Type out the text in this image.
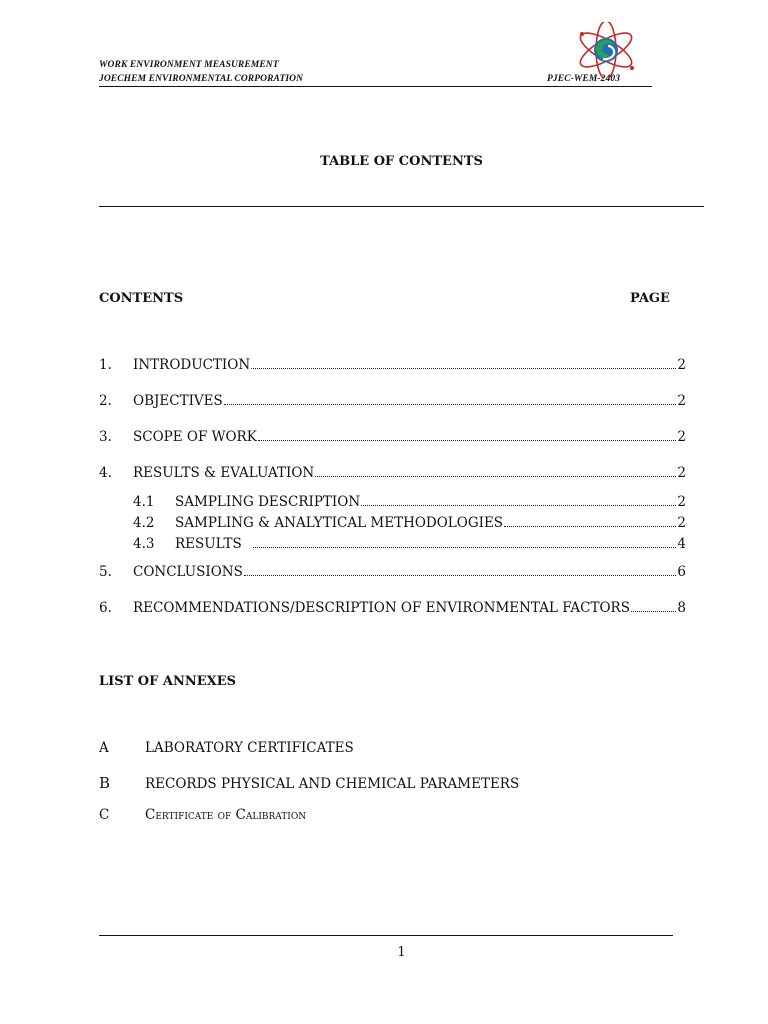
WORK ENVIRONMENT MEASUREMENT
JOECHEM ENVIRONMENTAL CORPORATION	PJEC-WEM-2403
TABLE OF CONTENTS
CONTENTS	PAGE
1.	INTRODUCTION	2
2.	OBJECTIVES	2
3.	SCOPE OF WORK	2
4.	RESULTS & EVALUATION	2
4.1	SAMPLING DESCRIPTION	2
4.2	SAMPLING & ANALYTICAL METHODOLOGIES	2
4.3	RESULTS	4
5.	CONCLUSIONS	6
6.	RECOMMENDATIONS/DESCRIPTION OF ENVIRONMENTAL FACTORS	8
LIST OF ANNEXES
A	LABORATORY CERTIFICATES
B	RECORDS PHYSICAL AND CHEMICAL PARAMETERS
C	Certificate of Calibration
1
